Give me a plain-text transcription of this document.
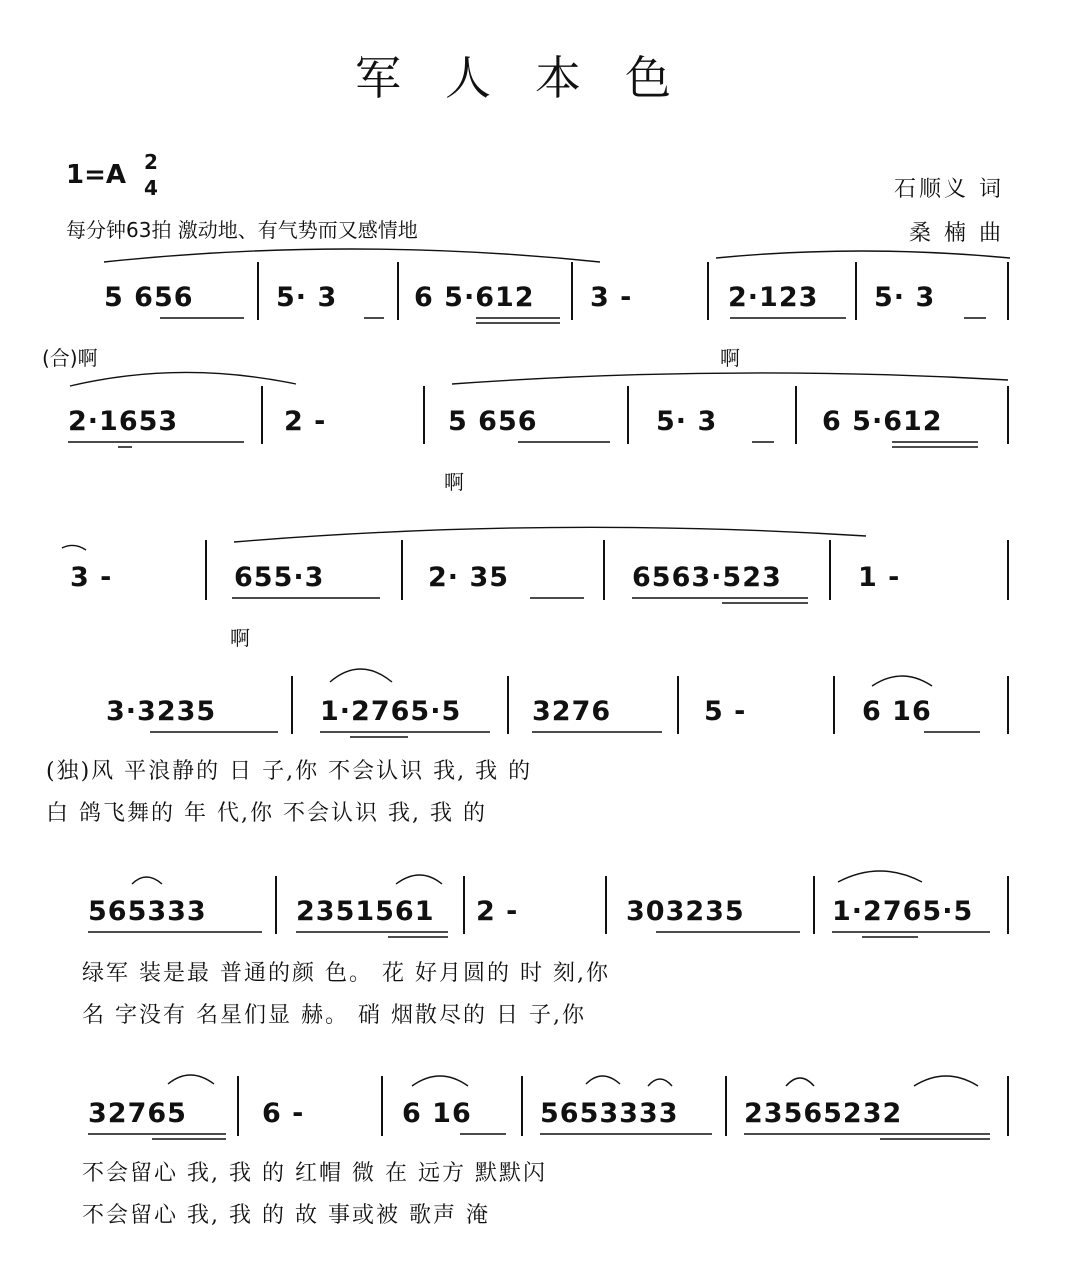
军人本色
1=A 2
4
每分钟63拍 激动地、有气势而又感情地
石顺义 词
桑 楠 曲
5 656	5· 3	6 5·612 3 -	2·123 5· 3
(合)啊	啊
2·1653	2 -	5 656	5· 3	6 5·612
啊
3 -	655·3	2· 35	6563·523	1 -
啊
3·3235	1·2765·5	3276	5 -	6 16
(独)风 平浪静的 日 子,你 不会认识 我, 我 的
白 鸽飞舞的 年 代,你 不会认识 我, 我 的
565333	2351561 2 -	303235	1·2765·5
绿军 装是最 普通的颜 色。 花 好月圆的 时 刻,你
名 字没有 名星们显 赫。 硝 烟散尽的 日 子,你
32765	6 -	6 16	5653333 23565232
不会留心 我, 我 的 红帽 微 在 远方 默默闪
不会留心 我, 我 的 故 事或被 歌声 淹
